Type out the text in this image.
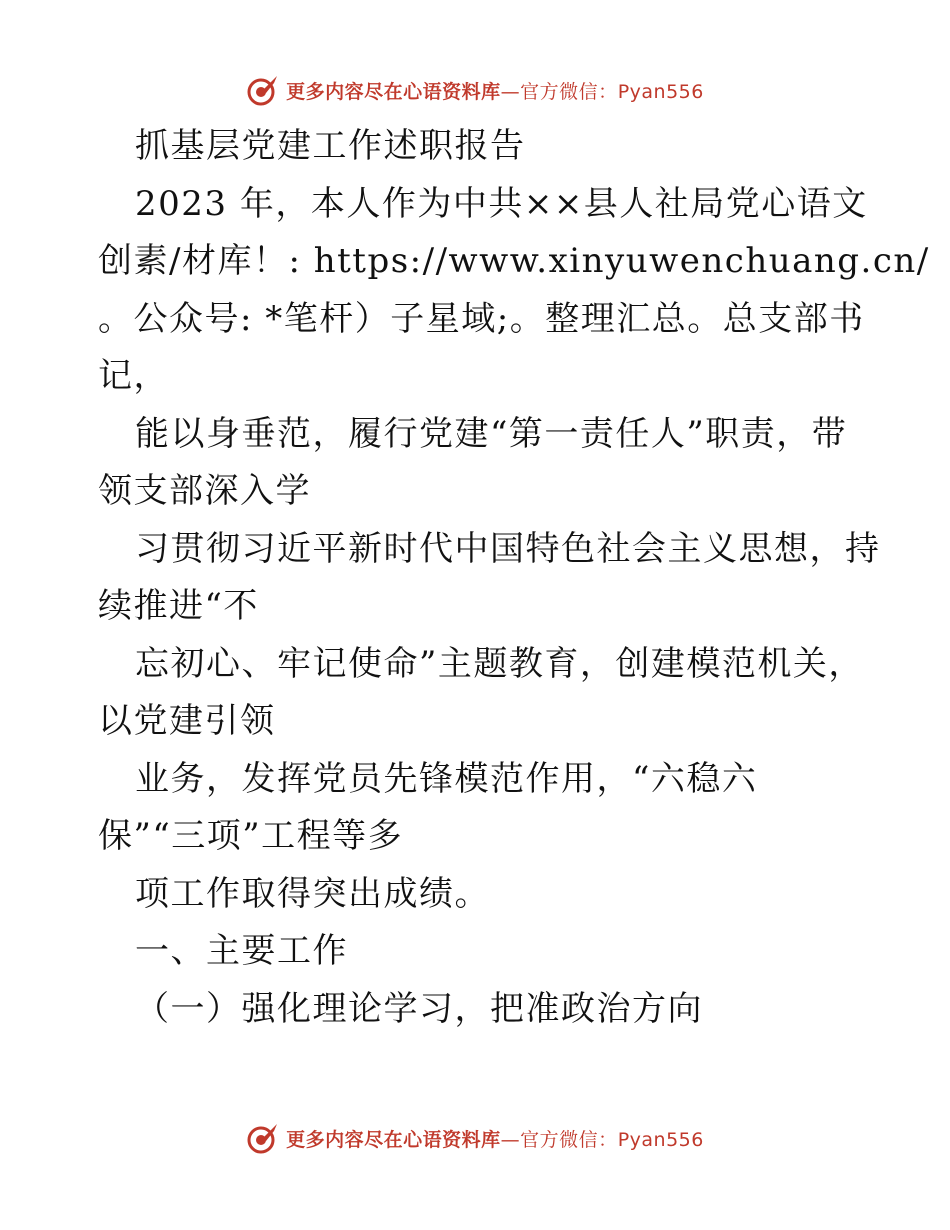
更多内容尽在心语资料库—官方微信：Pyan556
抓基层党建工作述职报告
2023 年，本人作为中共××县人社局党心语文
创素/材库！: https://www.xinyuwenchuang.cn/
。公众号: *笔杆）子星域;。整理汇总。总支部书
记，
能以身垂范，履行党建“第一责任人”职责，带
领支部深入学
习贯彻习近平新时代中国特色社会主义思想，持
续推进“不
忘初心、牢记使命”主题教育，创建模范机关，
以党建引领
业务，发挥党员先锋模范作用，“六稳六
保”“三项”工程等多
项工作取得突出成绩。
一、主要工作
（一）强化理论学习，把准政治方向
更多内容尽在心语资料库—官方微信：Pyan556
